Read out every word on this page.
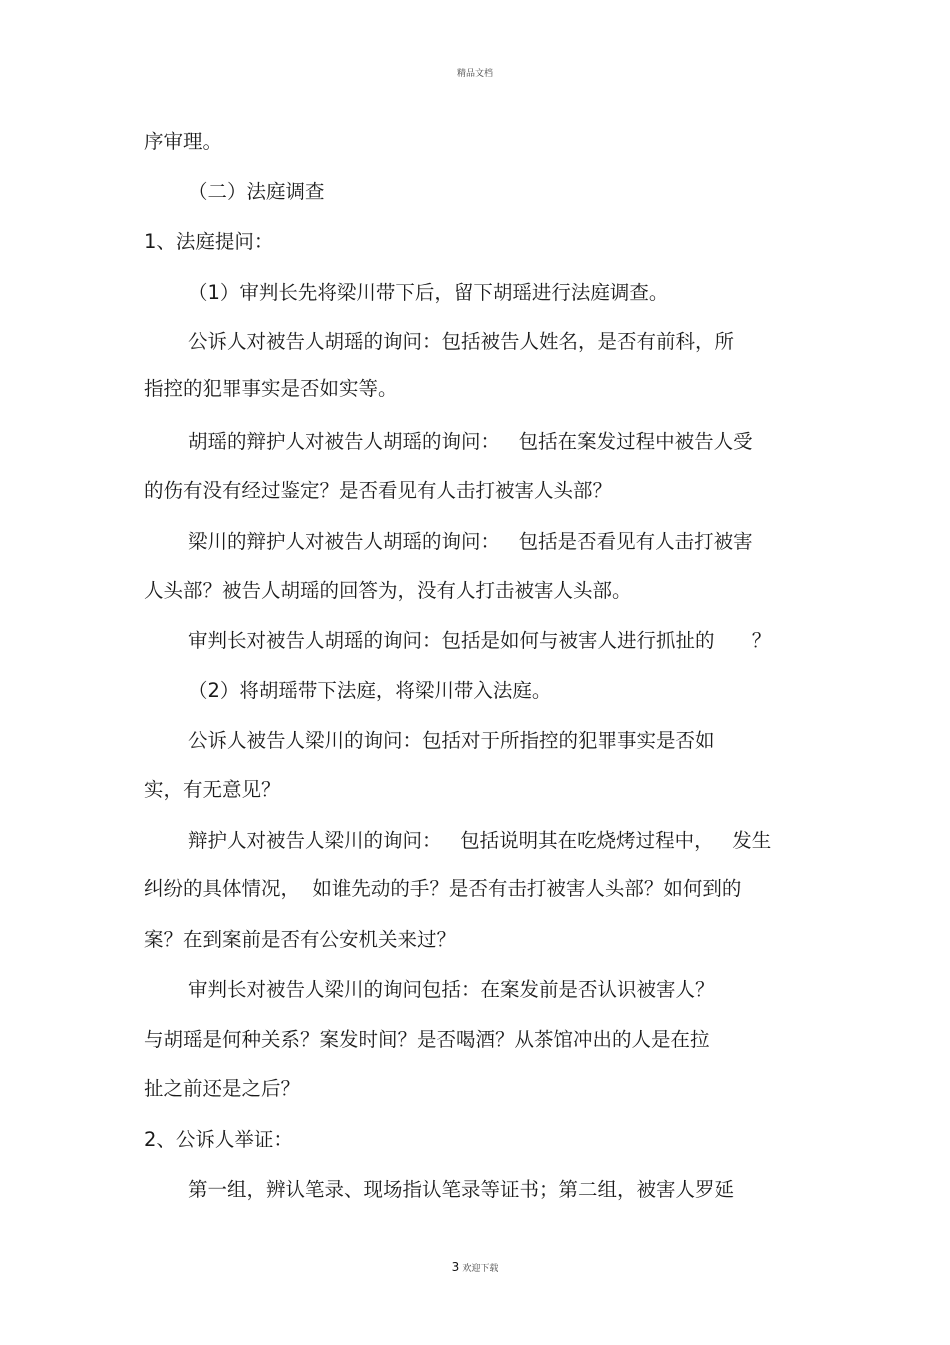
精品文档
序审理。
（二）法庭调查
1、法庭提问：
（1）审判长先将梁川带下后，留下胡瑶进行法庭调查。
公诉人对被告人胡瑶的询问：包括被告人姓名，是否有前科，所
指控的犯罪事实是否如实等。
胡瑶的辩护人对被告人胡瑶的询问：   包括在案发过程中被告人受
的伤有没有经过鉴定？是否看见有人击打被害人头部？
梁川的辩护人对被告人胡瑶的询问：   包括是否看见有人击打被害
人头部？被告人胡瑶的回答为，没有人打击被害人头部。
审判长对被告人胡瑶的询问：包括是如何与被害人进行抓扯的      ？
（2）将胡瑶带下法庭，将梁川带入法庭。
公诉人被告人梁川的询问：包括对于所指控的犯罪事实是否如
实，有无意见？
辩护人对被告人梁川的询问：   包括说明其在吃烧烤过程中，   发生
纠纷的具体情况，  如谁先动的手？是否有击打被害人头部？如何到的
案？在到案前是否有公安机关来过？
审判长对被告人梁川的询问包括：在案发前是否认识被害人？
与胡瑶是何种关系？案发时间？是否喝酒？从茶馆冲出的人是在拉
扯之前还是之后？
2、公诉人举证：
第一组，辨认笔录、现场指认笔录等证书；第二组，被害人罗延
3 欢迎下载
